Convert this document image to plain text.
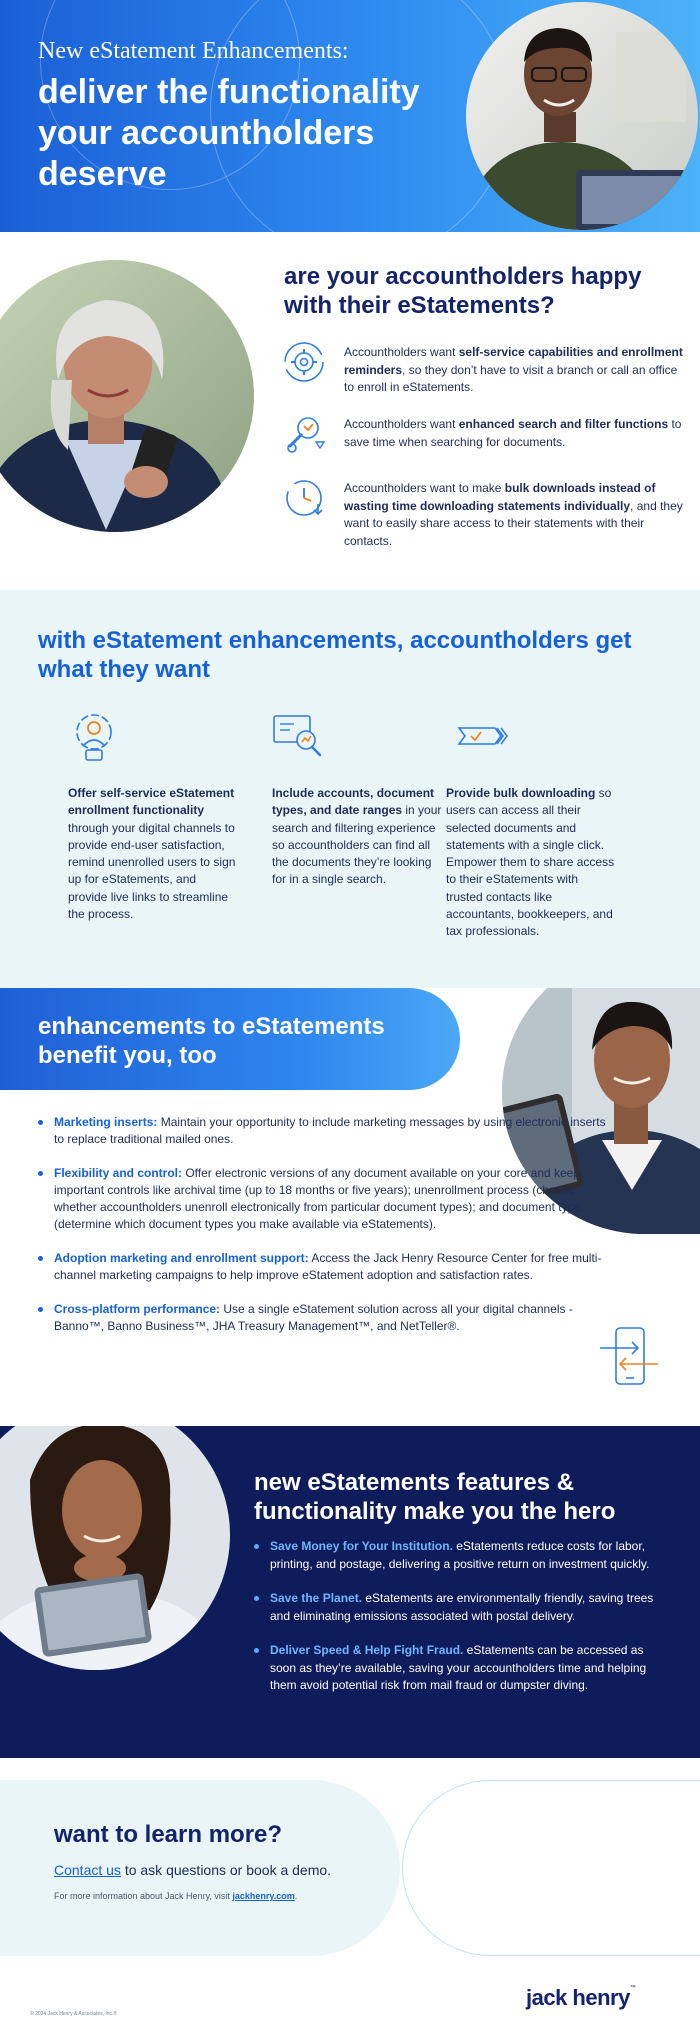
New eStatement Enhancements:
deliver the functionality your accountholders deserve
are your accountholders happy with their eStatements?
Accountholders want self-service capabilities and enrollment reminders, so they don’t have to visit a branch or call an office to enroll in eStatements.
Accountholders want enhanced search and filter functions to save time when searching for documents.
Accountholders want to make bulk downloads instead of wasting time downloading statements individually, and they want to easily share access to their statements with their contacts.
with eStatement enhancements, accountholders get what they want
Offer self-service eStatement enrollment functionality through your digital channels to provide end-user satisfaction, remind unenrolled users to sign up for eStatements, and provide live links to streamline the process.
Include accounts, document types, and date ranges in your search and filtering experience so accountholders can find all the documents they’re looking for in a single search.
Provide bulk downloading so users can access all their selected documents and statements with a single click. Empower them to share access to their eStatements with trusted contacts like accountants, bookkeepers, and tax professionals.
enhancements to eStatements benefit you, too
Marketing inserts: Maintain your opportunity to include marketing messages by using electronic inserts to replace traditional mailed ones.
Flexibility and control: Offer electronic versions of any document available on your core and keep important controls like archival time (up to 18 months or five years); unenrollment process (choose whether accountholders unenroll electronically from particular document types); and document type (determine which document types you make available via eStatements).
Adoption marketing and enrollment support: Access the Jack Henry Resource Center for free multi-channel marketing campaigns to help improve eStatement adoption and satisfaction rates.
Cross-platform performance: Use a single eStatement solution across all your digital channels - Banno™, Banno Business™, JHA Treasury Management™, and NetTeller®.
new eStatements features & functionality make you the hero
Save Money for Your Institution. eStatements reduce costs for labor, printing, and postage, delivering a positive return on investment quickly.
Save the Planet. eStatements are environmentally friendly, saving trees and eliminating emissions associated with postal delivery.
Deliver Speed & Help Fight Fraud. eStatements can be accessed as soon as they’re available, saving your accountholders time and helping them avoid potential risk from mail fraud or dumpster diving.
want to learn more?
Contact us to ask questions or book a demo.
For more information about Jack Henry, visit jackhenry.com.
© 2024 Jack Henry & Associates, Inc.®
jack henry™
